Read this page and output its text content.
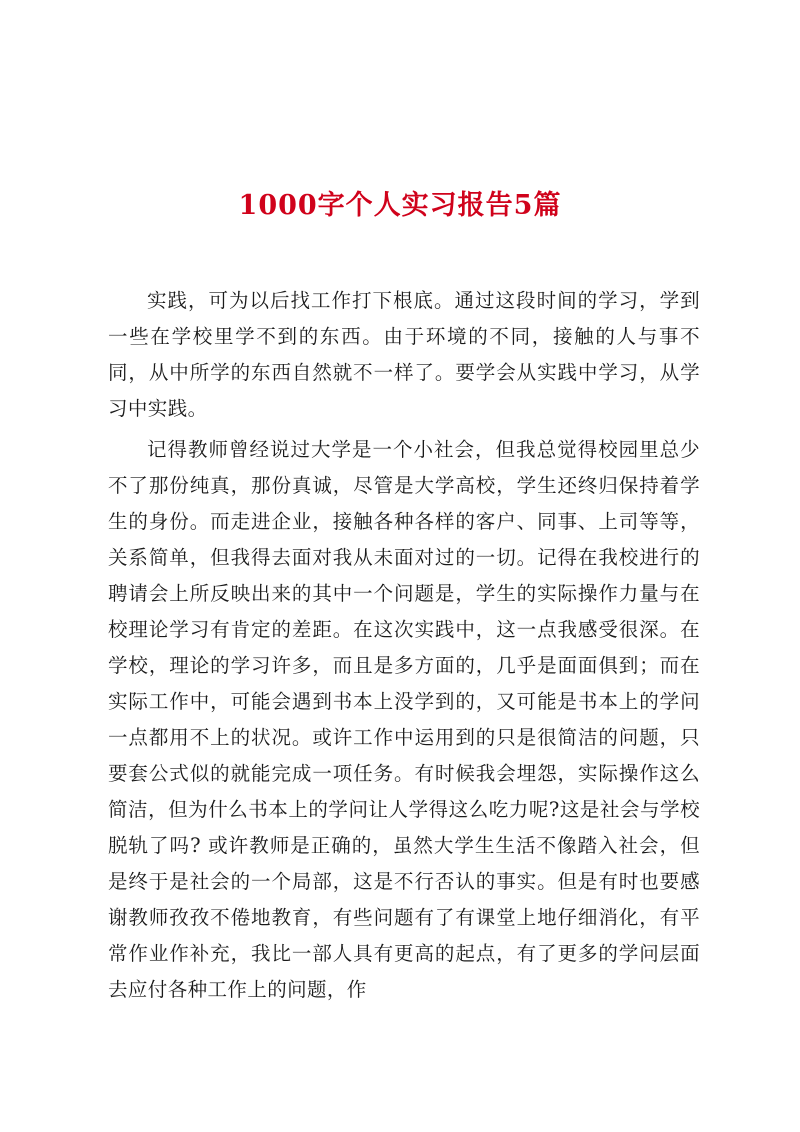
1000字个人实习报告5篇

实践，可为以后找工作打下根底。通过这段时间的学习，学到一些在学校里学不到的东西。由于环境的不同，接触的人与事不同，从中所学的东西自然就不一样了。要学会从实践中学习，从学习中实践。

记得教师曾经说过大学是一个小社会，但我总觉得校园里总少不了那份纯真，那份真诚，尽管是大学高校，学生还终归保持着学生的身份。而走进企业，接触各种各样的客户、同事、上司等等，关系简单，但我得去面对我从未面对过的一切。记得在我校进行的聘请会上所反映出来的其中一个问题是，学生的实际操作力量与在校理论学习有肯定的差距。在这次实践中，这一点我感受很深。在学校，理论的学习许多，而且是多方面的，几乎是面面俱到；而在实际工作中，可能会遇到书本上没学到的，又可能是书本上的学问一点都用不上的状况。或许工作中运用到的只是很简洁的问题，只要套公式似的就能完成一项任务。有时候我会埋怨，实际操作这么简洁，但为什么书本上的学问让人学得这么吃力呢?这是社会与学校脱轨了吗? 或许教师是正确的，虽然大学生生活不像踏入社会，但是终于是社会的一个局部，这是不行否认的事实。但是有时也要感谢教师孜孜不倦地教育，有些问题有了有课堂上地仔细消化，有平常作业作补充，我比一部人具有更高的起点，有了更多的学问层面去应付各种工作上的问题，作
